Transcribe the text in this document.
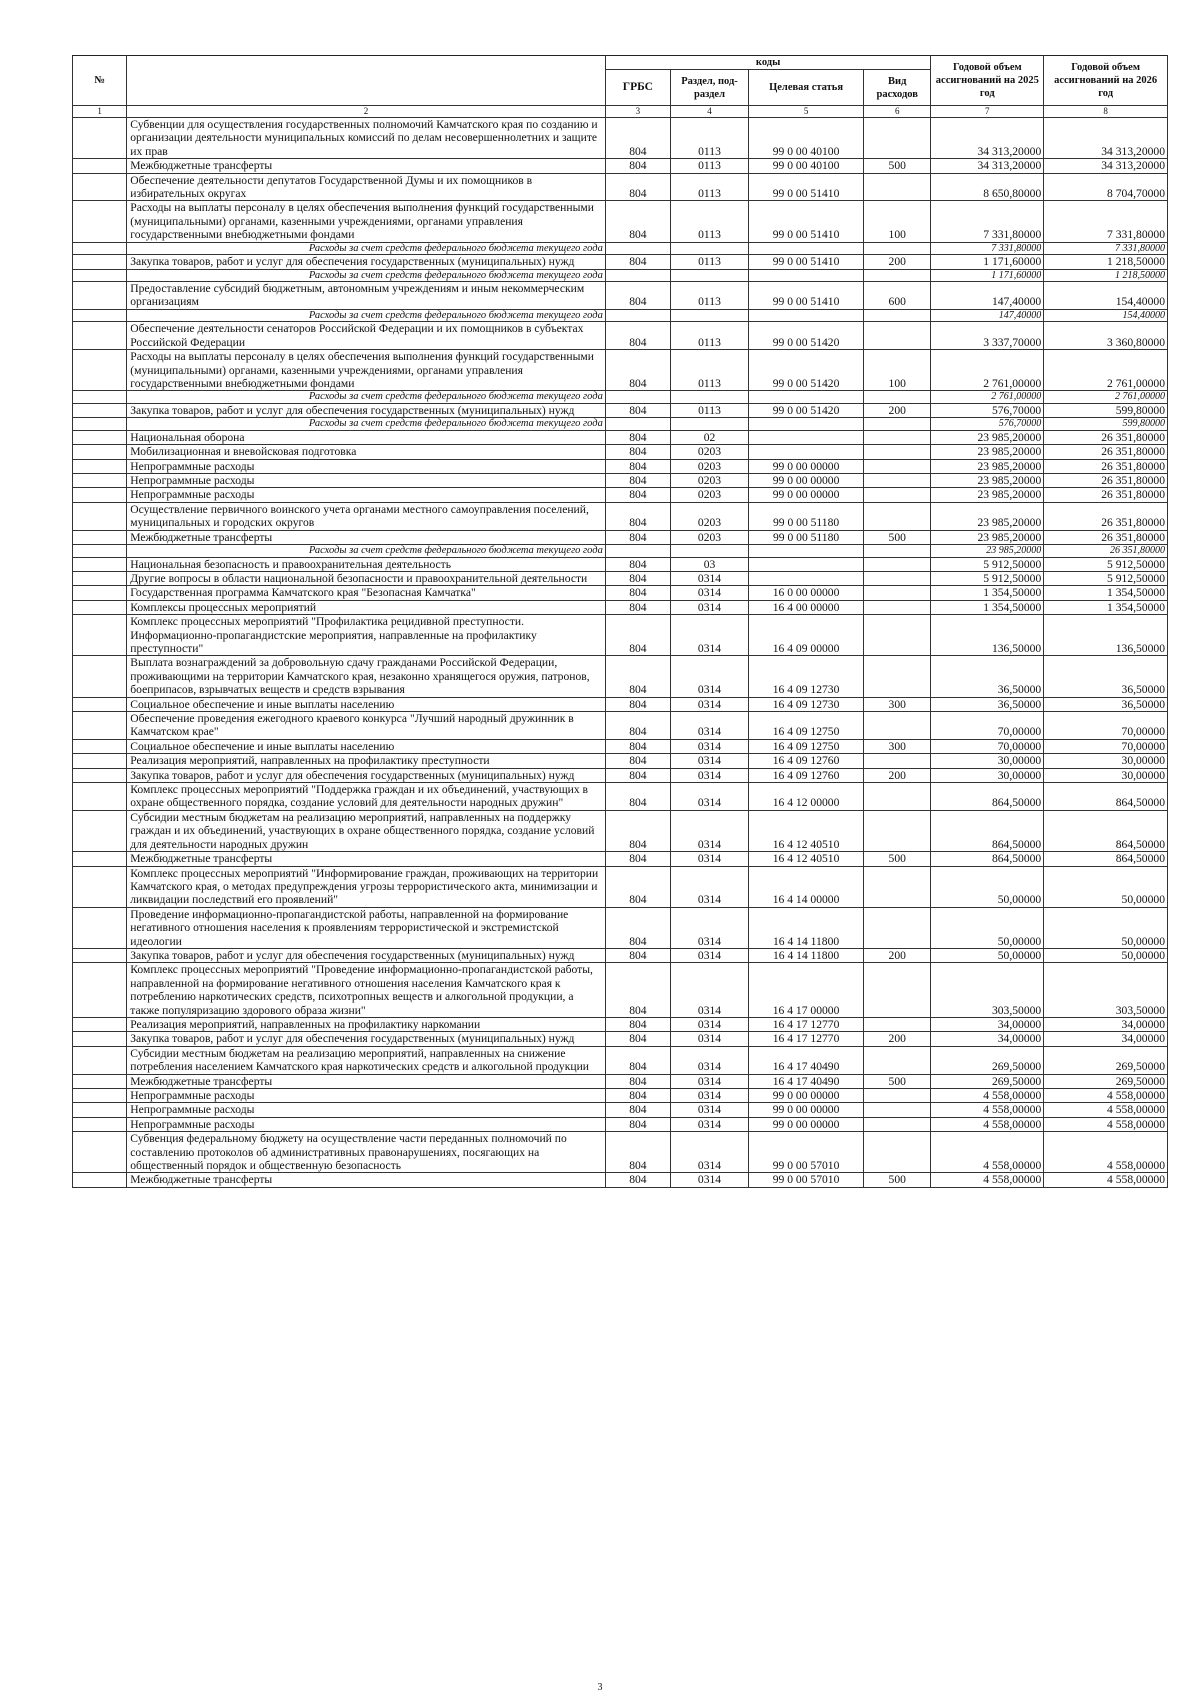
№		коды				Годовой объем ассигнований на 2025 год	Годовой объем ассигнований на 2026 год
		ГРБС	Раздел, под-раздел	Целевая статья	Вид расходов		
1	2	3	4	5	6	7	8
	Субвенции для осуществления государственных полномочий Камчатского края по созданию и организации деятельности муниципальных комиссий по делам несовершеннолетних и защите их прав	804	0113	99 0 00 40100		34 313,20000	34 313,20000
	Межбюджетные трансферты	804	0113	99 0 00 40100	500	34 313,20000	34 313,20000
	Обеспечение деятельности депутатов Государственной Думы и их помощников в избирательных округах	804	0113	99 0 00 51410		8 650,80000	8 704,70000
	Расходы на выплаты персоналу в целях обеспечения выполнения функций государственными (муниципальными) органами, казенными учреждениями, органами управления государственными внебюджетными фондами	804	0113	99 0 00 51410	100	7 331,80000	7 331,80000
	Расходы за счет средств федерального бюджета текущего года					7 331,80000	7 331,80000
	Закупка товаров, работ и услуг для обеспечения государственных (муниципальных) нужд	804	0113	99 0 00 51410	200	1 171,60000	1 218,50000
	Расходы за счет средств федерального бюджета текущего года					1 171,60000	1 218,50000
	Предоставление субсидий бюджетным, автономным учреждениям и иным некоммерческим организациям	804	0113	99 0 00 51410	600	147,40000	154,40000
	Расходы за счет средств федерального бюджета текущего года					147,40000	154,40000
	Обеспечение деятельности сенаторов Российской Федерации и их помощников в субъектах Российской Федерации	804	0113	99 0 00 51420		3 337,70000	3 360,80000
	Расходы на выплаты персоналу в целях обеспечения выполнения функций государственными (муниципальными) органами, казенными учреждениями, органами управления государственными внебюджетными фондами	804	0113	99 0 00 51420	100	2 761,00000	2 761,00000
	Расходы за счет средств федерального бюджета текущего года					2 761,00000	2 761,00000
	Закупка товаров, работ и услуг для обеспечения государственных (муниципальных) нужд	804	0113	99 0 00 51420	200	576,70000	599,80000
	Расходы за счет средств федерального бюджета текущего года					576,70000	599,80000
	Национальная оборона	804	02			23 985,20000	26 351,80000
	Мобилизационная и вневойсковая подготовка	804	0203			23 985,20000	26 351,80000
	Непрограммные расходы	804	0203	99 0 00 00000		23 985,20000	26 351,80000
	Непрограммные расходы	804	0203	99 0 00 00000		23 985,20000	26 351,80000
	Непрограммные расходы	804	0203	99 0 00 00000		23 985,20000	26 351,80000
	Осуществление первичного воинского учета органами местного самоуправления поселений, муниципальных и городских округов	804	0203	99 0 00 51180		23 985,20000	26 351,80000
	Межбюджетные трансферты	804	0203	99 0 00 51180	500	23 985,20000	26 351,80000
	Расходы за счет средств федерального бюджета текущего года					23 985,20000	26 351,80000
	Национальная безопасность и правоохранительная деятельность	804	03			5 912,50000	5 912,50000
	Другие вопросы в области национальной безопасности и правоохранительной деятельности	804	0314			5 912,50000	5 912,50000
	Государственная программа Камчатского края "Безопасная Камчатка"	804	0314	16 0 00 00000		1 354,50000	1 354,50000
	Комплексы процессных мероприятий	804	0314	16 4 00 00000		1 354,50000	1 354,50000
	Комплекс процессных мероприятий "Профилактика рецидивной преступности. Информационно-пропагандистские мероприятия, направленные на профилактику преступности"	804	0314	16 4 09 00000		136,50000	136,50000
	Выплата вознаграждений за добровольную сдачу гражданами Российской Федерации, проживающими на территории Камчатского края, незаконно хранящегося оружия, патронов, боеприпасов, взрывчатых веществ и средств взрывания	804	0314	16 4 09 12730		36,50000	36,50000
	Социальное обеспечение и иные выплаты населению	804	0314	16 4 09 12730	300	36,50000	36,50000
	Обеспечение проведения ежегодного краевого конкурса "Лучший народный дружинник в Камчатском крае"	804	0314	16 4 09 12750		70,00000	70,00000
	Социальное обеспечение и иные выплаты населению	804	0314	16 4 09 12750	300	70,00000	70,00000
	Реализация мероприятий, направленных на профилактику преступности	804	0314	16 4 09 12760		30,00000	30,00000
	Закупка товаров, работ и услуг для обеспечения государственных (муниципальных) нужд	804	0314	16 4 09 12760	200	30,00000	30,00000
	Комплекс процессных мероприятий "Поддержка граждан и их объединений, участвующих в охране общественного порядка, создание условий для деятельности народных дружин"	804	0314	16 4 12 00000		864,50000	864,50000
	Субсидии местным бюджетам на реализацию мероприятий, направленных на поддержку граждан и их объединений, участвующих в охране общественного порядка, создание условий для деятельности народных дружин	804	0314	16 4 12 40510		864,50000	864,50000
	Межбюджетные трансферты	804	0314	16 4 12 40510	500	864,50000	864,50000
	Комплекс процессных мероприятий "Информирование граждан, проживающих на территории Камчатского края, о методах предупреждения угрозы террористического акта, минимизации и ликвидации последствий его проявлений"	804	0314	16 4 14 00000		50,00000	50,00000
	Проведение информационно-пропагандистской работы, направленной на формирование негативного отношения населения к проявлениям террористической и экстремистской идеологии	804	0314	16 4 14 11800		50,00000	50,00000
	Закупка товаров, работ и услуг для обеспечения государственных (муниципальных) нужд	804	0314	16 4 14 11800	200	50,00000	50,00000
	Комплекс процессных мероприятий "Проведение информационно-пропагандистской работы, направленной на формирование негативного отношения населения Камчатского края к потреблению наркотических средств, психотропных веществ и алкогольной продукции, а также популяризацию здорового образа жизни"	804	0314	16 4 17 00000		303,50000	303,50000
	Реализация мероприятий, направленных на профилактику наркомании	804	0314	16 4 17 12770		34,00000	34,00000
	Закупка товаров, работ и услуг для обеспечения государственных (муниципальных) нужд	804	0314	16 4 17 12770	200	34,00000	34,00000
	Субсидии местным бюджетам на реализацию мероприятий, направленных на снижение потребления населением Камчатского края наркотических средств и алкогольной продукции	804	0314	16 4 17 40490		269,50000	269,50000
	Межбюджетные трансферты	804	0314	16 4 17 40490	500	269,50000	269,50000
	Непрограммные расходы	804	0314	99 0 00 00000		4 558,00000	4 558,00000
	Непрограммные расходы	804	0314	99 0 00 00000		4 558,00000	4 558,00000
	Непрограммные расходы	804	0314	99 0 00 00000		4 558,00000	4 558,00000
	Субвенция федеральному бюджету на осуществление части переданных полномочий по составлению протоколов об административных правонарушениях, посягающих на общественный порядок и общественную безопасность	804	0314	99 0 00 57010		4 558,00000	4 558,00000
	Межбюджетные трансферты	804	0314	99 0 00 57010	500	4 558,00000	4 558,00000
3
